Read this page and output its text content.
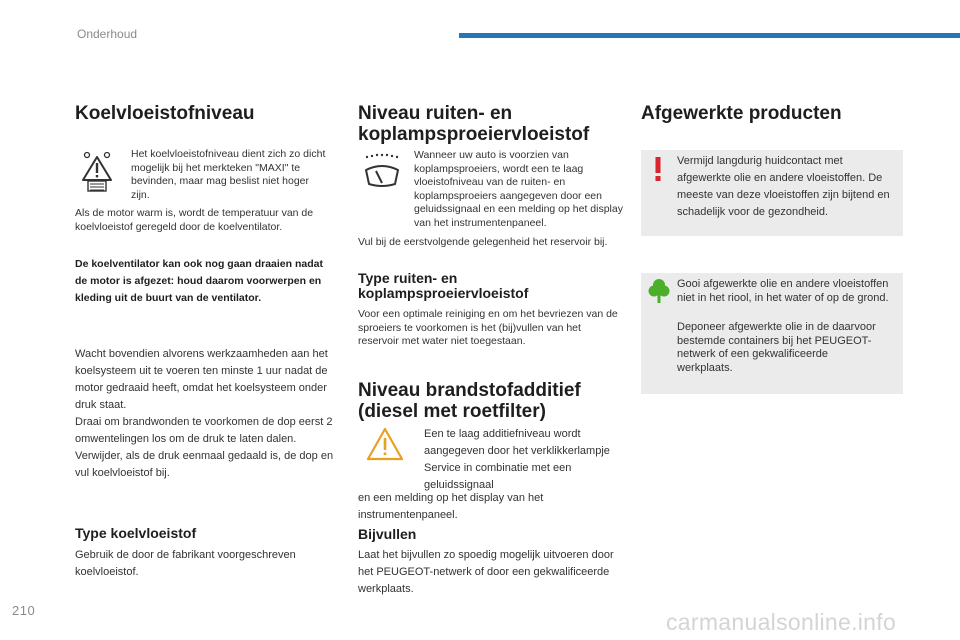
Onderhoud
Koelvloeistofniveau

Het koelvloeistofniveau dient zich zo dicht mogelijk bij het merkteken "MAXI" te bevinden, maar mag beslist niet hoger zijn.

Als de motor warm is, wordt de temperatuur van de koelvloeistof geregeld door de koelventilator.

De koelventilator kan ook nog gaan draaien nadat de motor is afgezet: houd daarom voorwerpen en kleding uit de buurt van de ventilator.

Wacht bovendien alvorens werkzaamheden aan het koelsysteem uit te voeren ten minste 1 uur nadat de motor gedraaid heeft, omdat het koelsysteem onder druk staat.

Draai om brandwonden te voorkomen de dop eerst 2 omwentelingen los om de druk te laten dalen. Verwijder, als de druk eenmaal gedaald is, de dop en vul koelvloeistof bij.

Type koelvloeistof

Gebruik de door de fabrikant voorgeschreven koelvloeistof.

Niveau ruiten- en koplampsproeiervloeistof

Wanneer uw auto is voorzien van koplampsproeiers, wordt een te laag vloeistofniveau van de ruiten- en koplampsproeiers aangegeven door een geluidssignaal en een melding op het display van het instrumentenpaneel.

Vul bij de eerstvolgende gelegenheid het reservoir bij.

Type ruiten- en koplampsproeiervloeistof

Voor een optimale reiniging en om het bevriezen van de sproeiers te voorkomen is het (bij)vullen van het reservoir met water niet toegestaan.

Niveau brandstofadditief (diesel met roetfilter)

Een te laag additiefniveau wordt aangegeven door het verklikkerlampje Service in combinatie met een geluidssignaal

en een melding op het display van het instrumentenpaneel.

Bijvullen

Laat het bijvullen zo spoedig mogelijk uitvoeren door het PEUGEOT-netwerk of door een gekwalificeerde werkplaats.

Afgewerkte producten

Vermijd langdurig huidcontact met afgewerkte olie en andere vloeistoffen. De meeste van deze vloeistoffen zijn bijtend en schadelijk voor de gezondheid.

Gooi afgewerkte olie en andere vloeistoffen niet in het riool, in het water of op de grond.

Deponeer afgewerkte olie in de daarvoor bestemde containers bij het PEUGEOT-netwerk of een gekwalificeerde werkplaats.

210	carmanualsonline.info
